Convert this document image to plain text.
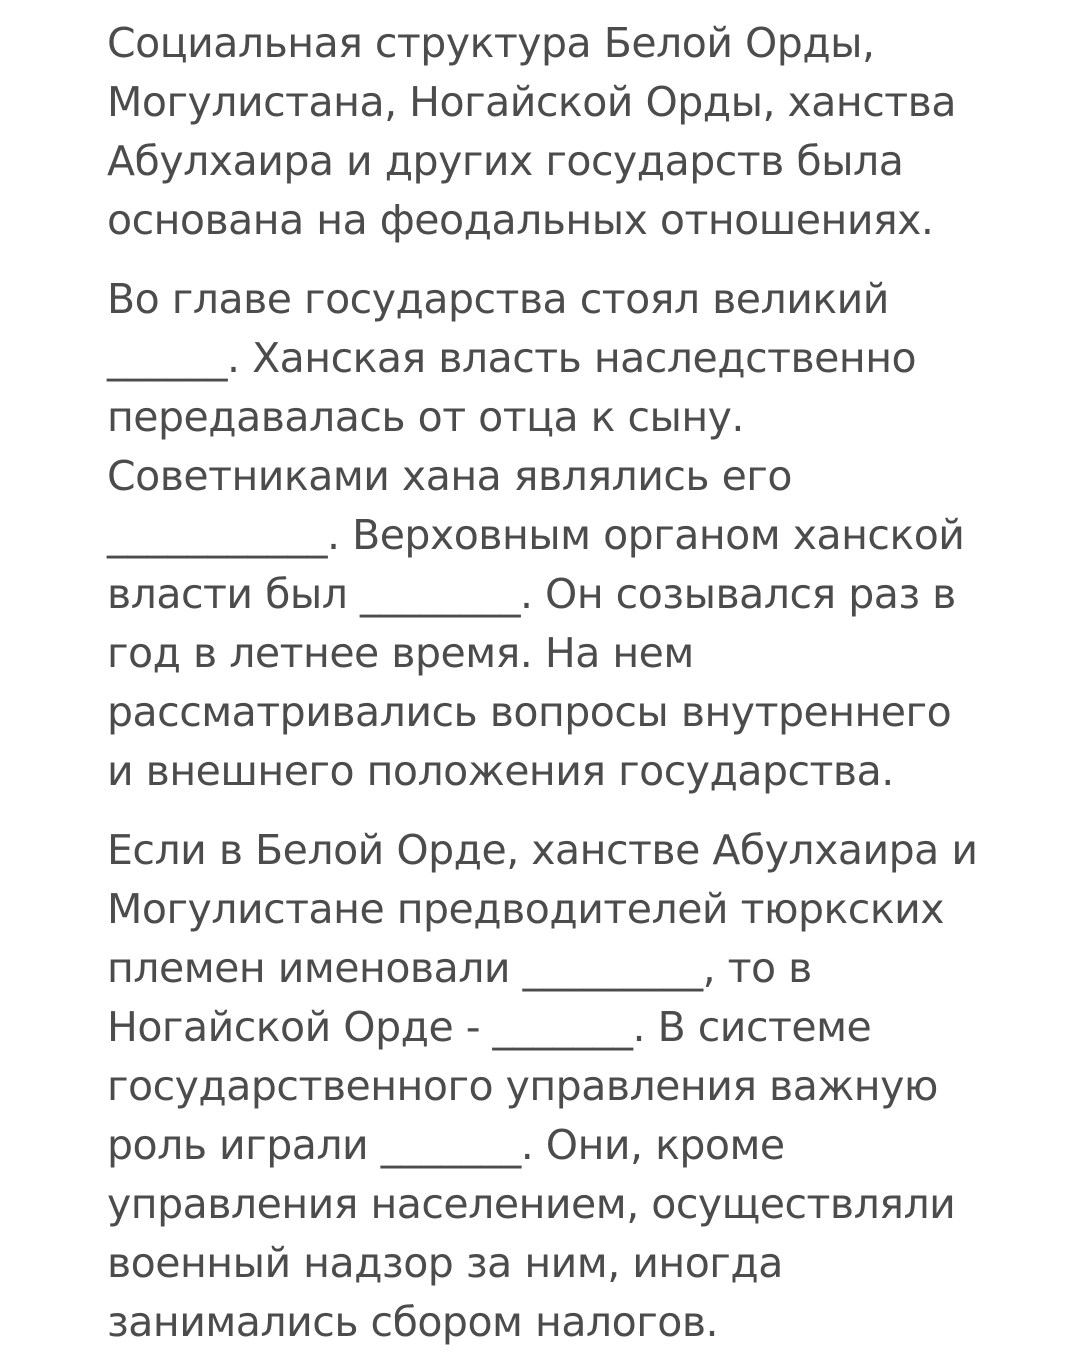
Социальная структура Белой Орды,
Могулистана, Ногайской Орды, ханства
Абулхаира и других государств была
основана на феодальных отношениях.

Во главе государства стоял великий
______. Ханская власть наследственно
передавалась от отца к сыну.
Советниками хана являлись его
___________. Верховным органом ханской
власти был ________. Он созывался раз в
год в летнее время. На нем
рассматривались вопросы внутреннего
и внешнего положения государства.

Если в Белой Орде, ханстве Абулхаира и
Могулистане предводителей тюркских
племен именовали _________, то в
Ногайской Орде - _______. В системе
государственного управления важную
роль играли _______. Они, кроме
управления населением, осуществляли
военный надзор за ним, иногда
занимались сбором налогов.
